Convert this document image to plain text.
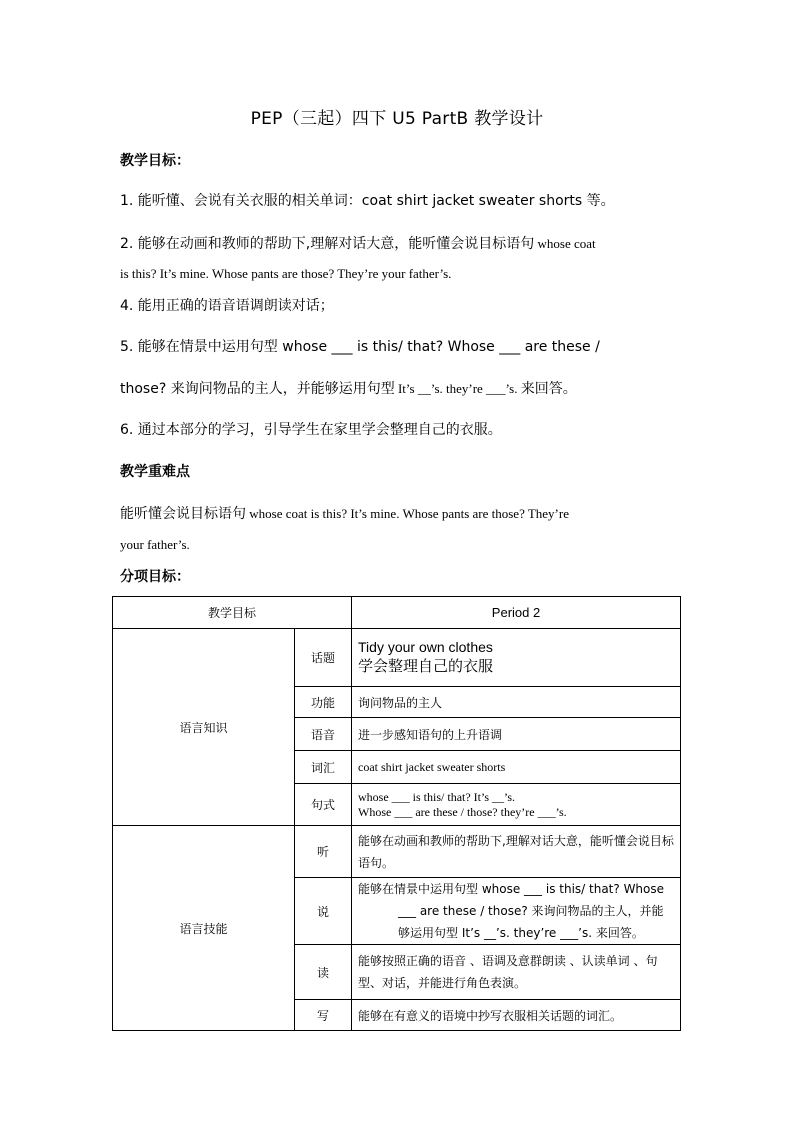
PEP（三起）四下 U5 PartB 教学设计
教学目标：
1. 能听懂、会说有关衣服的相关单词：coat shirt jacket sweater shorts 等。
2. 能够在动画和教师的帮助下,理解对话大意，能听懂会说目标语句 whose coat
is this? It’s mine. Whose pants are those? They’re your father’s.
4. 能用正确的语音语调朗读对话；
5. 能够在情景中运用句型 whose ___ is this/ that? Whose ___ are these /
those? 来询问物品的主人，并能够运用句型 It’s __’s. they’re ___’s. 来回答。
6. 通过本部分的学习，引导学生在家里学会整理自己的衣服。
教学重难点
能听懂会说目标语句 whose coat is this? It’s mine. Whose pants are those? They’re
your father’s.
分项目标：
教学目标		Period 2
语言知识	话题	Tidy your own clothes
学会整理自己的衣服

	功能	询问物品的主人
	语音	进一步感知语句的上升语调
	词汇	coat shirt jacket sweater shorts
	句式	whose ___ is this/ that? It’s __’s.
Whose ___ are these / those? they’re ___’s.

语言技能	听	能够在动画和教师的帮助下,理解对话大意，能听懂会说目标语句。
	说	能够在情景中运用句型 whose ___ is this/ that? Whose
___ are these / those? 来询问物品的主人，并能
够运用句型 It’s __’s. they’re ___’s. 来回答。

	读	能够按照正确的语音 、语调及意群朗读 、认读单词 、句型、对话，并能进行角色表演。
	写	能够在有意义的语境中抄写衣服相关话题的词汇。
